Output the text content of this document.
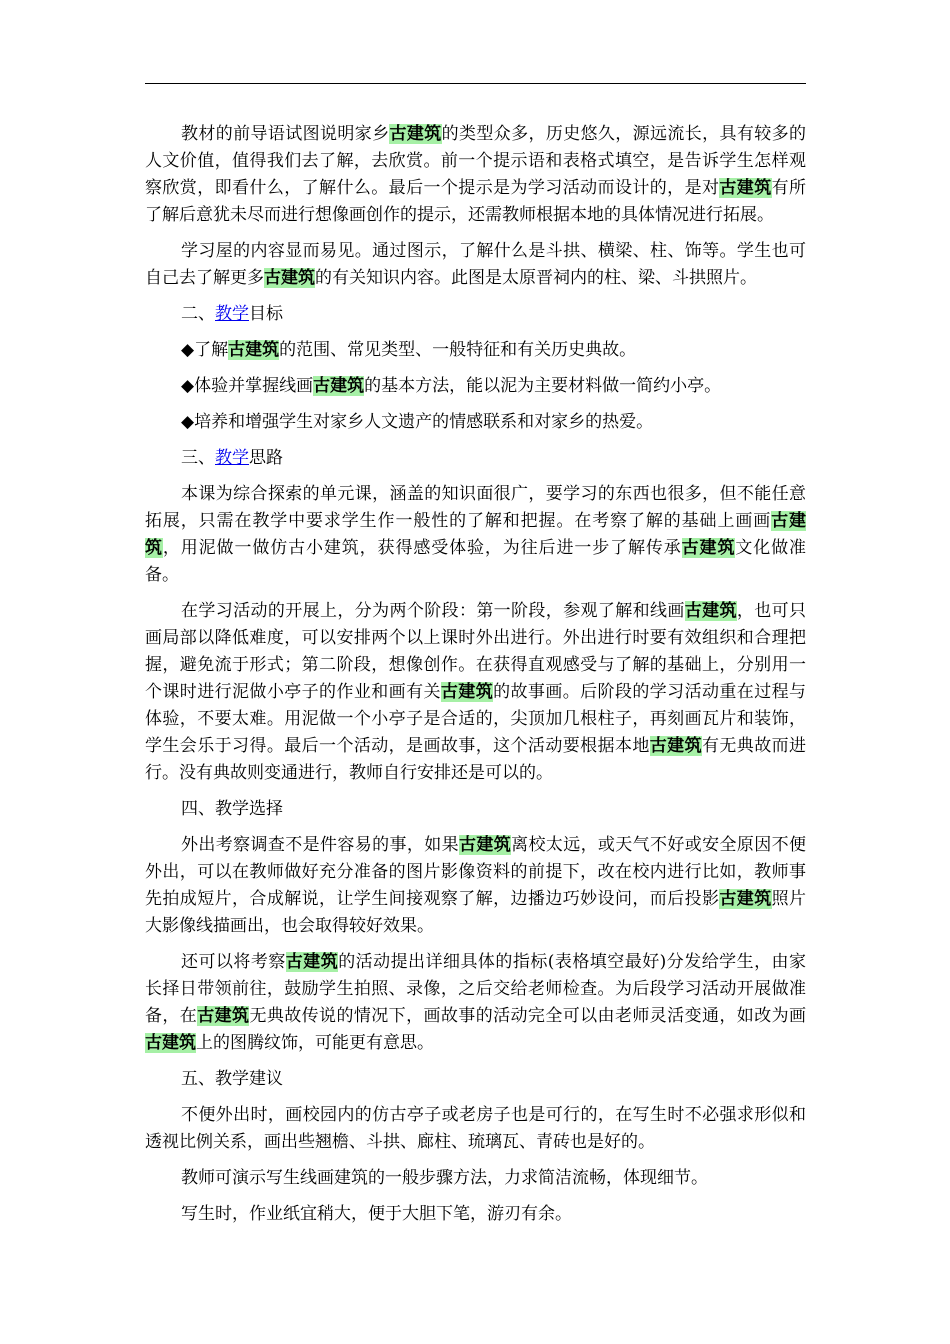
教材的前导语试图说明家乡古建筑的类型众多，历史悠久，源远流长，具有较多的人文价值，值得我们去了解，去欣赏。前一个提示语和表格式填空，是告诉学生怎样观察欣赏，即看什么，了解什么。最后一个提示是为学习活动而设计的，是对古建筑有所了解后意犹未尽而进行想像画创作的提示，还需教师根据本地的具体情况进行拓展。

学习屋的内容显而易见。通过图示，了解什么是斗拱、横梁、柱、饰等。学生也可自己去了解更多古建筑的有关知识内容。此图是太原晋祠内的柱、梁、斗拱照片。

二、教学目标

◆了解古建筑的范围、常见类型、一般特征和有关历史典故。

◆体验并掌握线画古建筑的基本方法，能以泥为主要材料做一简约小亭。

◆培养和增强学生对家乡人文遗产的情感联系和对家乡的热爱。

三、教学思路

本课为综合探索的单元课，涵盖的知识面很广，要学习的东西也很多，但不能任意拓展，只需在教学中要求学生作一般性的了解和把握。在考察了解的基础上画画古建筑，用泥做一做仿古小建筑，获得感受体验，为往后进一步了解传承古建筑文化做准备。

在学习活动的开展上，分为两个阶段：第一阶段，参观了解和线画古建筑，也可只画局部以降低难度，可以安排两个以上课时外出进行。外出进行时要有效组织和合理把握，避免流于形式；第二阶段，想像创作。在获得直观感受与了解的基础上，分别用一个课时进行泥做小亭子的作业和画有关古建筑的故事画。后阶段的学习活动重在过程与体验，不要太难。用泥做一个小亭子是合适的，尖顶加几根柱子，再刻画瓦片和装饰，学生会乐于习得。最后一个活动，是画故事，这个活动要根据本地古建筑有无典故而进行。没有典故则变通进行，教师自行安排还是可以的。

四、教学选择

外出考察调查不是件容易的事，如果古建筑离校太远，或天气不好或安全原因不便外出，可以在教师做好充分准备的图片影像资料的前提下，改在校内进行比如，教师事先拍成短片，合成解说，让学生间接观察了解，边播边巧妙设问，而后投影古建筑照片大影像线描画出，也会取得较好效果。

还可以将考察古建筑的活动提出详细具体的指标(表格填空最好)分发给学生，由家长择日带领前往，鼓励学生拍照、录像，之后交给老师检查。为后段学习活动开展做准备，在古建筑无典故传说的情况下，画故事的活动完全可以由老师灵活变通，如改为画古建筑上的图腾纹饰，可能更有意思。

五、教学建议

不便外出时，画校园内的仿古亭子或老房子也是可行的，在写生时不必强求形似和透视比例关系，画出些翘檐、斗拱、廊柱、琉璃瓦、青砖也是好的。

教师可演示写生线画建筑的一般步骤方法，力求简洁流畅，体现细节。

写生时，作业纸宜稍大，便于大胆下笔，游刃有余。
